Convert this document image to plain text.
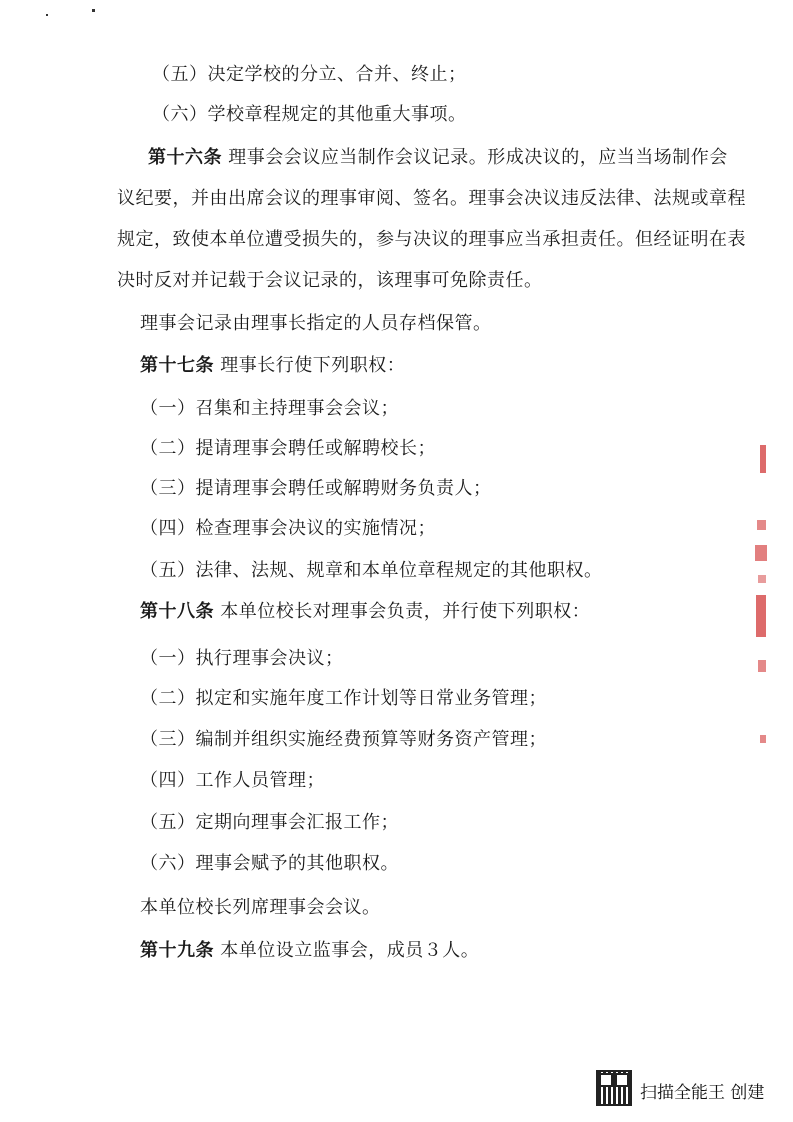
（五）决定学校的分立、合并、终止；
（六）学校章程规定的其他重大事项。
第十六条 理事会会议应当制作会议记录。形成决议的，应当当场制作会
议纪要，并由出席会议的理事审阅、签名。理事会决议违反法律、法规或章程
规定，致使本单位遭受损失的，参与决议的理事应当承担责任。但经证明在表
决时反对并记载于会议记录的，该理事可免除责任。
理事会记录由理事长指定的人员存档保管。
第十七条 理事长行使下列职权：
（一）召集和主持理事会会议；
（二）提请理事会聘任或解聘校长；
（三）提请理事会聘任或解聘财务负责人；
（四）检查理事会决议的实施情况；
（五）法律、法规、规章和本单位章程规定的其他职权。
第十八条 本单位校长对理事会负责，并行使下列职权：
（一）执行理事会决议；
（二）拟定和实施年度工作计划等日常业务管理；
（三）编制并组织实施经费预算等财务资产管理；
（四）工作人员管理；
（五）定期向理事会汇报工作；
（六）理事会赋予的其他职权。
本单位校长列席理事会会议。
第十九条 本单位设立监事会，成员３人。
扫描全能王 创建
